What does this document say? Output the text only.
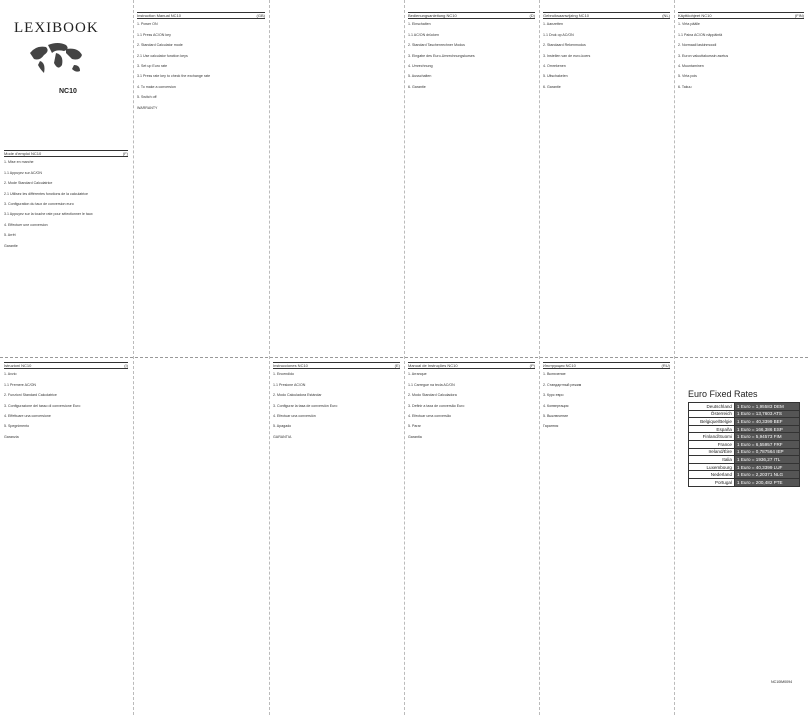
LEXIBOOK
NC10
Mode d'emploi NC10	(F)
1. Mise en marche
1.1 Appuyez sur AC/ON
2. Mode Standard Calculatrice
2.1 Utilisez les différentes fonctions de la calculatrice
3. Configuration du taux de conversion euro
3.1 Appuyez sur la touche rate pour sélectionner le taux
4. Effectuer une conversion
5. Arrêt
Garantie
Instruction Manual NC10	(GB)
1. Power ON
1.1 Press AC/ON key
2. Standard Calculator mode
2.1 Use calculator function keys
3. Set up Euro rate
3.1 Press rate key to check the exchange rate
4. To make a conversion
5. Switch off
WARRANTY
Bedienungsanleitung NC10	(D)
1. Einschalten
1.1 AC/ON drücken
2. Standard Taschenrechner Modus
3. Eingabe des Euro-Umrechnungskurses
4. Umrechnung
5. Ausschalten
6. Garantie
Gebruiksaanwijzing NC10	(NL)
1. Aanzetten
1.1 Druk op AC/ON
2. Standaard Rekenmodus
3. Instellen van de euro-koers
4. Omrekenen
5. Uitschakelen
6. Garantie
Käyttöohjeet NC10	(FIN)
1. Virta päälle
1.1 Paina AC/ON näppäintä
2. Normaali laskinmoodi
3. Euron valuuttakurssin asetus
4. Muuntaminen
5. Virta pois
6. Takuu
Istruzioni NC10	(I)
1. Avvio
1.1 Premere AC/ON
2. Funzioni Standard Calcolatrice
3. Configurazione del tasso di conversione Euro
4. Effettuare una conversione
5. Spegnimento
Garanzia
Instrucciones NC10	(E)
1. Encendido
1.1 Presione AC/ON
2. Modo Calculadora Estándar
3. Configurar la tasa de conversión Euro
4. Efectuar una conversión
5. Apagado
GARANTIA
Manual de Instruções NC10	(P)
1. Arranque
1.1 Carregue na tecla AC/ON
2. Modo Standard Calculadora
3. Definir a taxa de conversão Euro
4. Efectuar uma conversão
5. Parar
Garantia
Инструкция NC10	(RU)
1. Включение
2. Стандартный режим
3. Курс евро
4. Конвертация
5. Выключение
Гарантия
Euro Fixed Rates
Deutschland	1 Euro = 1,95583 DEM
Österreich	1 Euro = 13,7603 ATS
Belgique/Belgie	1 Euro = 40,3399 BEF
España	1 Euro = 166,386 ESP
Finland/Suomi	1 Euro = 5,94573 FIM
France	1 Euro = 6,55957 FRF
Ireland/Éire	1 Euro = 0,787564 IEP
Italia	1 Euro = 1936,27 ITL
Luxembourg	1 Euro = 40,3399 LUF
Nederland	1 Euro = 2,20371 NLG
Portugal	1 Euro = 200,482 PTE
NC10IM0094
